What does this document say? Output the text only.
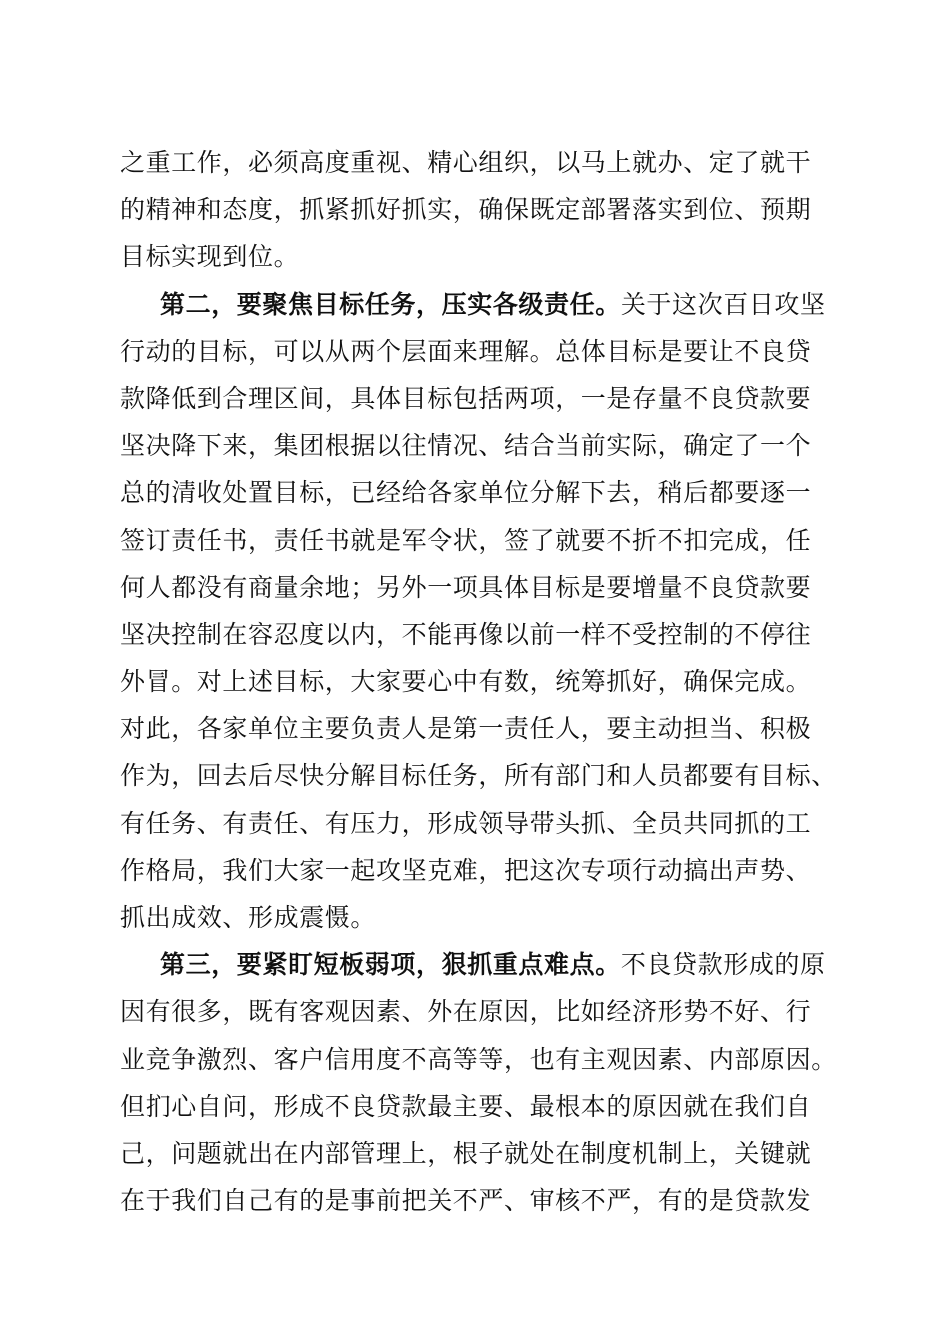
之重工作，必须高度重视、精心组织，以马上就办、定了就干
的精神和态度，抓紧抓好抓实，确保既定部署落实到位、预期
目标实现到位。
第二，要聚焦目标任务，压实各级责任。关于这次百日攻坚
行动的目标，可以从两个层面来理解。总体目标是要让不良贷
款降低到合理区间，具体目标包括两项，一是存量不良贷款要
坚决降下来，集团根据以往情况、结合当前实际，确定了一个
总的清收处置目标，已经给各家单位分解下去，稍后都要逐一
签订责任书，责任书就是军令状，签了就要不折不扣完成，任
何人都没有商量余地；另外一项具体目标是要增量不良贷款要
坚决控制在容忍度以内，不能再像以前一样不受控制的不停往
外冒。对上述目标，大家要心中有数，统筹抓好，确保完成。
对此，各家单位主要负责人是第一责任人，要主动担当、积极
作为，回去后尽快分解目标任务，所有部门和人员都要有目标、
有任务、有责任、有压力，形成领导带头抓、全员共同抓的工
作格局，我们大家一起攻坚克难，把这次专项行动搞出声势、
抓出成效、形成震慑。
第三，要紧盯短板弱项，狠抓重点难点。不良贷款形成的原
因有很多，既有客观因素、外在原因，比如经济形势不好、行
业竞争激烈、客户信用度不高等等，也有主观因素、内部原因。
但扪心自问，形成不良贷款最主要、最根本的原因就在我们自
己，问题就出在内部管理上，根子就处在制度机制上，关键就
在于我们自己有的是事前把关不严、审核不严，有的是贷款发
